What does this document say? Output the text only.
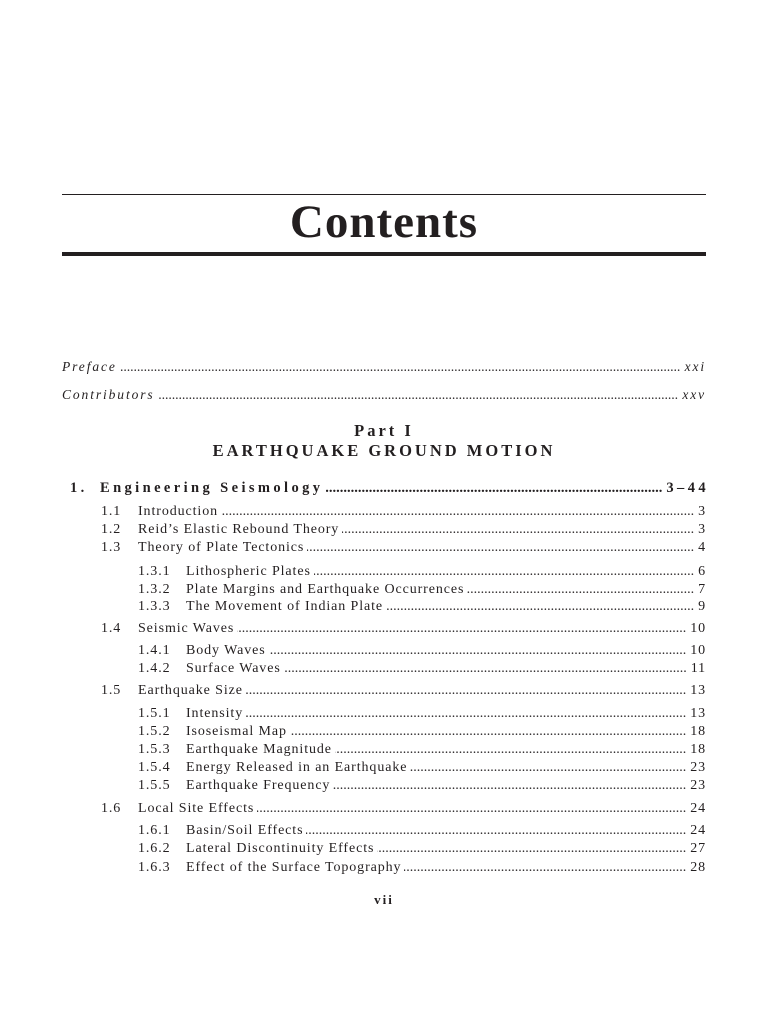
Contents
Preface .....	xxi
Contributors .....	xxv
Part I
EARTHQUAKE GROUND MOTION
1. Engineering Seismology .....	3–44
1.1	Introduction .....	3
1.2	Reid’s Elastic Rebound Theory .....	3
1.3	Theory of Plate Tectonics .....	4
1.3.1	Lithospheric Plates .....	6
1.3.2	Plate Margins and Earthquake Occurrences .....	7
1.3.3	The Movement of Indian Plate .....	9
1.4	Seismic Waves .....	10
1.4.1	Body Waves .....	10
1.4.2	Surface Waves .....	11
1.5	Earthquake Size .....	13
1.5.1	Intensity .....	13
1.5.2	Isoseismal Map .....	18
1.5.3	Earthquake Magnitude .....	18
1.5.4	Energy Released in an Earthquake .....	23
1.5.5	Earthquake Frequency .....	23
1.6	Local Site Effects .....	24
1.6.1	Basin/Soil Effects .....	24
1.6.2	Lateral Discontinuity Effects .....	27
1.6.3	Effect of the Surface Topography .....	28
vii
